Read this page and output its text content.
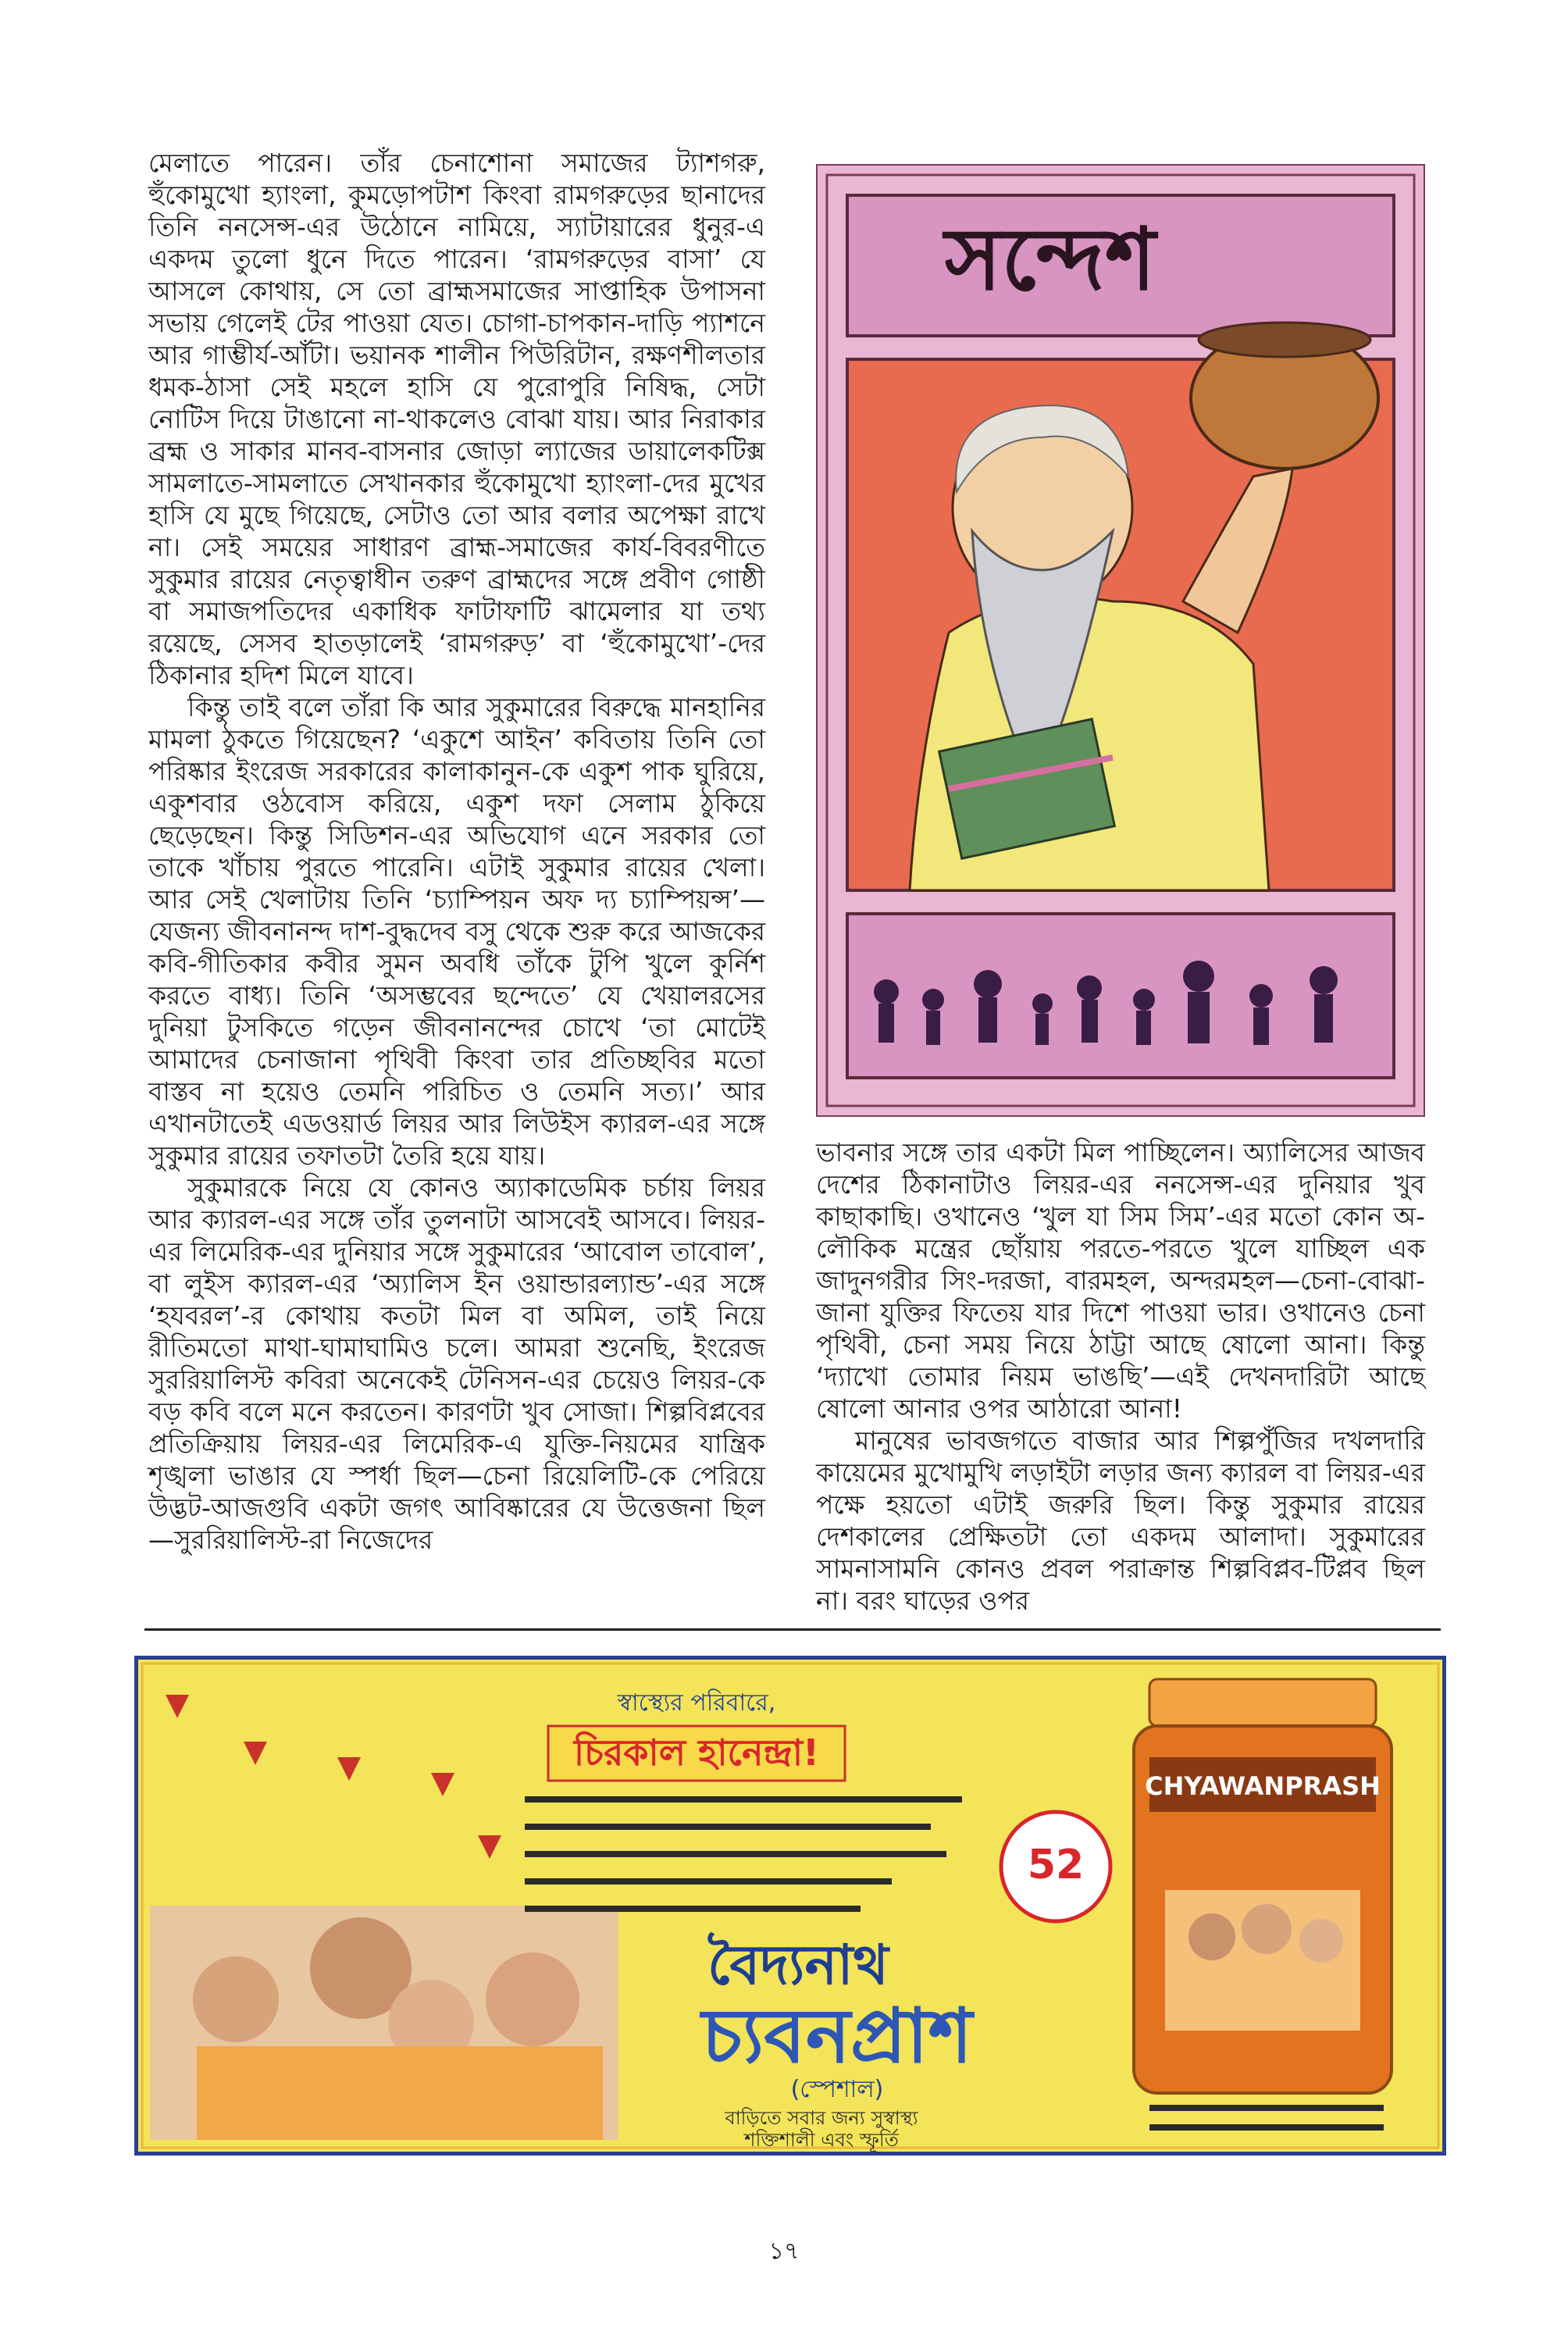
মেলাতে পারেন। তাঁর চেনাশোনা সমাজের ট্যাশগরু, হুঁকোমুখো হ্যাংলা, কুমড়োপটাশ কিংবা রামগরুড়ের ছানাদের তিনি ননসেন্স-এর উঠোনে নামিয়ে, স্যাটায়ারের ধুনুর-এ একদম তুলো ধুনে দিতে পারেন। ‘রামগরুড়ের বাসা’ যে আসলে কোথায়, সে তো ব্রাহ্মসমাজের সাপ্তাহিক উপাসনা সভায় গেলেই টের পাওয়া যেত। চোগা-চাপকান-দাড়ি প্যাশনে আর গাম্ভীর্য-আঁটা। ভয়ানক শালীন পিউরিটান, রক্ষণশীলতার ধমক-ঠাসা সেই মহলে হাসি যে পুরোপুরি নিষিদ্ধ, সেটা নোটিস দিয়ে টাঙানো না-থাকলেও বোঝা যায়। আর নিরাকার ব্রহ্ম ও সাকার মানব-বাসনার জোড়া ল্যাজের ডায়ালেকটিক্স সামলাতে-সামলাতে সেখানকার হুঁকোমুখো হ্যাংলা-দের মুখের হাসি যে মুছে গিয়েছে, সেটাও তো আর বলার অপেক্ষা রাখে না। সেই সময়ের সাধারণ ব্রাহ্ম-সমাজের কার্য-বিবরণীতে সুকুমার রায়ের নেতৃত্বাধীন তরুণ ব্রাহ্মদের সঙ্গে প্রবীণ গোষ্ঠী বা সমাজপতিদের একাধিক ফাটাফাটি ঝামেলার যা তথ্য রয়েছে, সেসব হাতড়ালেই ‘রামগরুড়’ বা ‘হুঁকোমুখো’-দের ঠিকানার হদিশ মিলে যাবে।

কিন্তু তাই বলে তাঁরা কি আর সুকুমারের বিরুদ্ধে মানহানির মামলা ঠুকতে গিয়েছেন? ‘একুশে আইন’ কবিতায় তিনি তো পরিষ্কার ইংরেজ সরকারের কালাকানুন-কে একুশ পাক ঘুরিয়ে, একুশবার ওঠবোস করিয়ে, একুশ দফা সেলাম ঠুকিয়ে ছেড়েছেন। কিন্তু সিডিশন-এর অভিযোগ এনে সরকার তো তাকে খাঁচায় পুরতে পারেনি। এটাই সুকুমার রায়ের খেলা। আর সেই খেলাটায় তিনি ‘চ্যাম্পিয়ন অফ দ্য চ্যাম্পিয়ন্স’—যেজন্য জীবনানন্দ দাশ-বুদ্ধদেব বসু থেকে শুরু করে আজকের কবি-গীতিকার কবীর সুমন অবধি তাঁকে টুপি খুলে কুর্নিশ করতে বাধ্য। তিনি ‘অসম্ভবের ছন্দেতে’ যে খেয়ালরসের দুনিয়া টুসকিতে গড়েন জীবনানন্দের চোখে ‘তা মোটেই আমাদের চেনাজানা পৃথিবী কিংবা তার প্রতিচ্ছবির মতো বাস্তব না হয়েও তেমনি পরিচিত ও তেমনি সত্য।’ আর এখানটাতেই এডওয়ার্ড লিয়র আর লিউইস ক্যারল-এর সঙ্গে সুকুমার রায়ের তফাতটা তৈরি হয়ে যায়।

সুকুমারকে নিয়ে যে কোনও অ্যাকাডেমিক চর্চায় লিয়র আর ক্যারল-এর সঙ্গে তাঁর তুলনাটা আসবেই আসবে। লিয়র-এর লিমেরিক-এর দুনিয়ার সঙ্গে সুকুমারের ‘আবোল তাবোল’, বা লুইস ক্যারল-এর ‘অ্যালিস ইন ওয়ান্ডারল্যান্ড’-এর সঙ্গে ‘হযবরল’-র কোথায় কতটা মিল বা অমিল, তাই নিয়ে রীতিমতো মাথা-ঘামাঘামিও চলে। আমরা শুনেছি, ইংরেজ সুররিয়ালিস্ট কবিরা অনেকেই টেনিসন-এর চেয়েও লিয়র-কে বড় কবি বলে মনে করতেন। কারণটা খুব সোজা। শিল্পবিপ্লবের প্রতিক্রিয়ায় লিয়র-এর লিমেরিক-এ যুক্তি-নিয়মের যান্ত্রিক শৃঙ্খলা ভাঙার যে স্পর্ধা ছিল—চেনা রিয়েলিটি-কে পেরিয়ে উদ্ভট-আজগুবি একটা জগৎ আবিষ্কারের যে উত্তেজনা ছিল—সুররিয়ালিস্ট-রা নিজেদের

সন্দেশ

ভাবনার সঙ্গে তার একটা মিল পাচ্ছিলেন। অ্যালিসের আজব দেশের ঠিকানাটাও লিয়র-এর ননসেন্স-এর দুনিয়ার খুব কাছাকাছি। ওখানেও ‘খুল যা সিম সিম’-এর মতো কোন অ-লৌকিক মন্ত্রের ছোঁয়ায় পরতে-পরতে খুলে যাচ্ছিল এক জাদুনগরীর সিং-দরজা, বারমহল, অন্দরমহল—চেনা-বোঝা-জানা যুক্তির ফিতেয় যার দিশে পাওয়া ভার। ওখানেও চেনা পৃথিবী, চেনা সময় নিয়ে ঠাট্টা আছে ষোলো আনা। কিন্তু ‘দ্যাখো তোমার নিয়ম ভাঙছি’—এই দেখনদারিটা আছে ষোলো আনার ওপর আঠারো আনা!

মানুষের ভাবজগতে বাজার আর শিল্পপুঁজির দখলদারি কায়েমের মুখোমুখি লড়াইটা লড়ার জন্য ক্যারল বা লিয়র-এর পক্ষে হয়তো এটাই জরুরি ছিল। কিন্তু সুকুমার রায়ের দেশকালের প্রেক্ষিতটা তো একদম আলাদা। সুকুমারের সামনাসামনি কোনও প্রবল পরাক্রান্ত শিল্পবিপ্লব-টিপ্লব ছিল না। বরং ঘাড়ের ওপর

স্বাস্থ্যের পরিবারে,
চিরকাল হানেন্দ্রা!
52
বৈদ্যনাথ
চ্যবনপ্রাশ
(স্পেশাল)
বাড়িতে সবার জন্য সুস্বাস্থ্য
শক্তিশালী এবং স্ফূর্তি
CHYAWANPRASH
১৭
